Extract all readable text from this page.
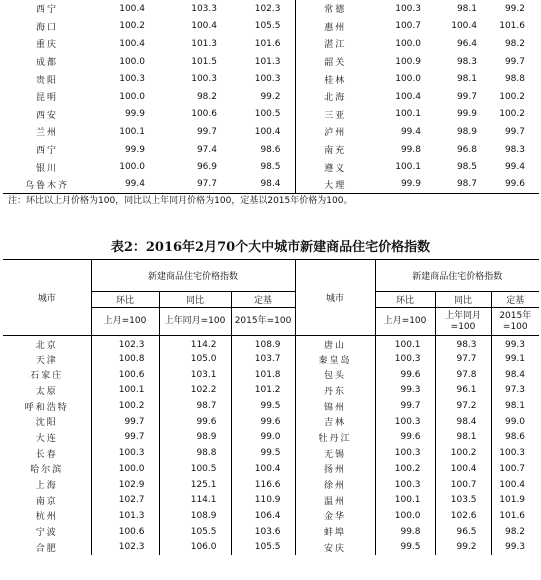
西宁	100.4	103.3	102.3	常德	100.3	98.1	99.2
海口	100.2	100.4	105.5	惠州	100.7	100.4	101.6
重庆	100.4	101.3	101.6	湛江	100.0	96.4	98.2
成都	100.0	101.5	101.3	韶关	100.9	98.3	99.7
贵阳	100.3	100.3	100.3	桂林	100.0	98.1	98.8
昆明	100.0	98.2	99.2	北海	100.4	99.7	100.2
西安	99.9	100.6	100.5	三亚	100.1	99.9	100.2
兰州	100.1	99.7	100.4	泸州	99.4	98.9	99.7
西宁	99.9	97.4	98.6	南充	99.8	96.8	98.3
银川	100.0	96.9	98.5	遵义	100.1	98.5	99.4
乌鲁木齐	99.4	97.7	98.4	大理	99.9	98.7	99.6
注：环比以上月价格为100，同比以上年同月价格为100，定基以2015年价格为100。
表2：2016年2月70个大中城市新建商品住宅价格指数
城市	新建商品住宅价格指数			城市	新建商品住宅价格指数		
	环比	同比	定基		环比	同比	定基
	上月=100	上年同月=100	2015年=100		上月=100	上年同月=100	2015年=100
北京	102.3	114.2	108.9	唐山	100.1	98.3	99.3
天津	100.8	105.0	103.7	秦皇岛	100.3	97.7	99.1
石家庄	100.6	103.1	101.8	包头	99.6	97.8	98.4
太原	100.1	102.2	101.2	丹东	99.3	96.1	97.3
呼和浩特	100.2	98.7	99.5	锦州	99.7	97.2	98.1
沈阳	99.7	99.6	99.6	吉林	100.3	98.4	99.0
大连	99.7	98.9	99.0	牡丹江	99.6	98.1	98.6
长春	100.3	98.8	99.5	无锡	100.3	100.2	100.3
哈尔滨	100.0	100.5	100.4	扬州	100.2	100.4	100.7
上海	102.9	125.1	116.6	徐州	100.3	100.7	100.4
南京	102.7	114.1	110.9	温州	100.1	103.5	101.9
杭州	101.3	108.9	106.4	金华	100.0	102.6	101.6
宁波	100.6	105.5	103.6	蚌埠	99.8	96.5	98.2
合肥	102.3	106.0	105.5	安庆	99.5	99.2	99.3
